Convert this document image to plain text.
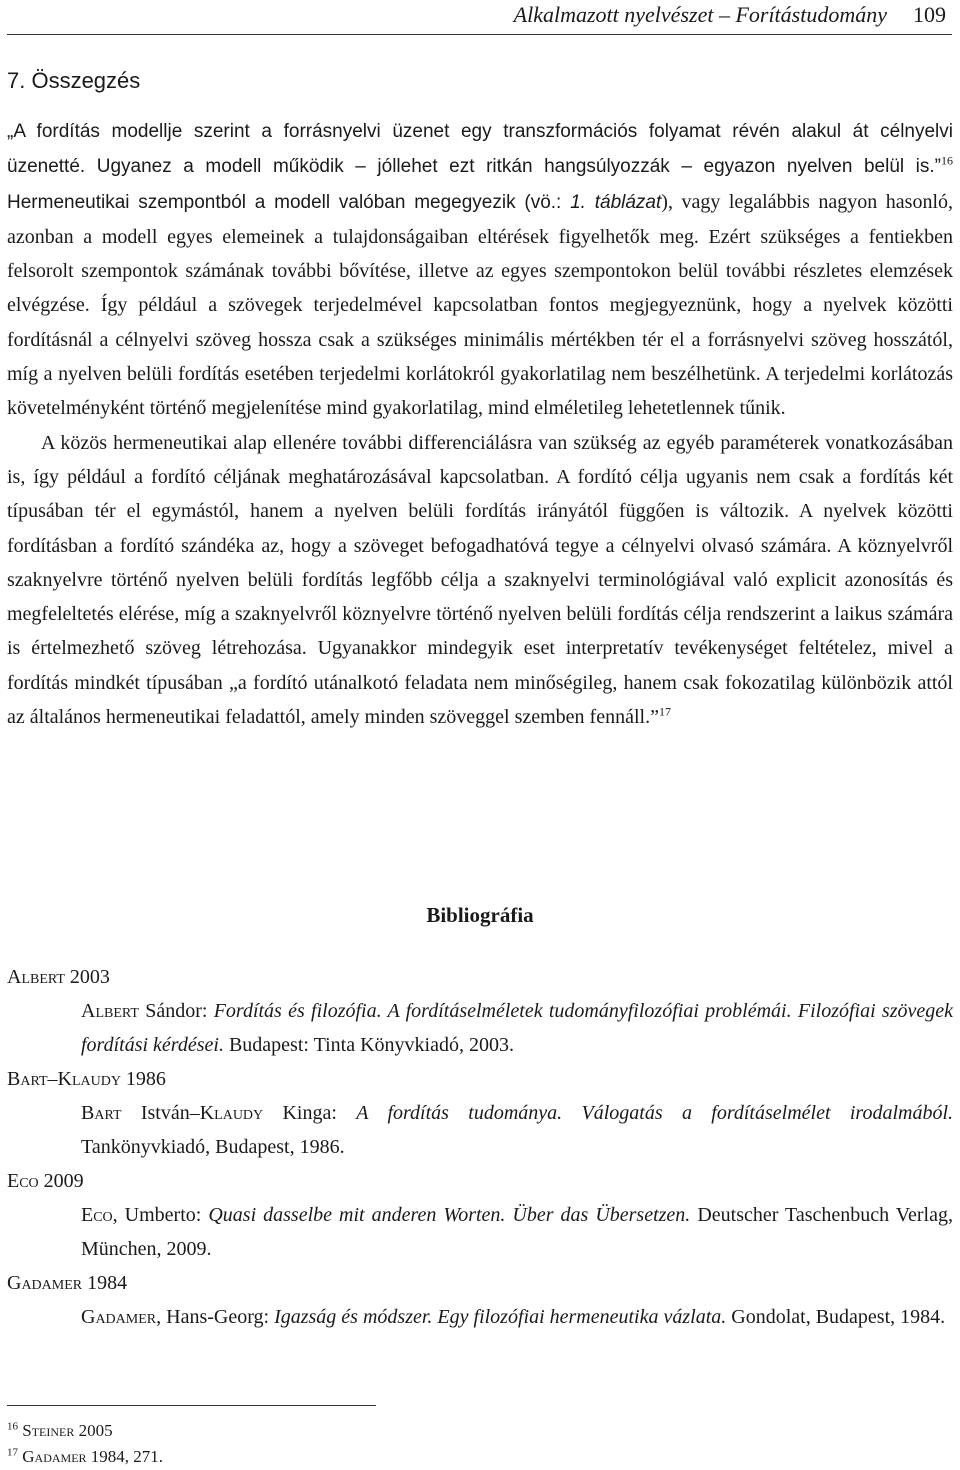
Alkalmazott nyelvészet – Forítástudomány 109
7. Összegzés

„A fordítás modellje szerint a forrásnyelvi üzenet egy transzformációs folyamat révén alakul át célnyelvi üzenetté. Ugyanez a modell működik – jóllehet ezt ritkán hangsúlyozzák – egyazon nyelven belül is.”$^{16}$ Hermeneutikai szempontból a modell valóban megegyezik (vö.: 1. táblázat), vagy legalábbis nagyon hasonló, azonban a modell egyes elemeinek a tulajdonságaiban eltérések figyelhetők meg. Ezért szükséges a fentiekben felsorolt szempontok számának további bővítése, illetve az egyes szempontokon belül további részletes elemzések elvégzése. Így például a szövegek terjedelmével kapcsolatban fontos megjegyeznünk, hogy a nyelvek közötti fordításnál a célnyelvi szöveg hossza csak a szükséges minimális mértékben tér el a forrásnyelvi szöveg hosszától, míg a nyelven belüli fordítás esetében terjedelmi korlátokról gyakorlatilag nem beszélhetünk. A terjedelmi korlátozás követelményként történő megjelenítése mind gyakorlatilag, mind elméletileg lehetetlennek tűnik.

A közös hermeneutikai alap ellenére további differenciálásra van szükség az egyéb paraméterek vonatkozásában is, így például a fordító céljának meghatározásával kapcsolatban. A fordító célja ugyanis nem csak a fordítás két típusában tér el egymástól, hanem a nyelven belüli fordítás irányától függően is változik. A nyelvek közötti fordításban a fordító szándéka az, hogy a szöveget befogadhatóvá tegye a célnyelvi olvasó számára. A köznyelvről szaknyelvre történő nyelven belüli fordítás legfőbb célja a szaknyelvi terminológiával való explicit azonosítás és megfeleltetés elérése, míg a szaknyelvről köznyelvre történő nyelven belüli fordítás célja rendszerint a laikus számára is értelmezhető szöveg létrehozása. Ugyanakkor mindegyik eset interpretatív tevékenységet feltételez, mivel a fordítás mindkét típusában „a fordító utánalkotó feladata nem minőségileg, hanem csak fokozatilag különbözik attól az általános hermeneutikai feladattól, amely minden szöveggel szemben fennáll.”$^{17}$

Bibliográfia

Albert 2003

Albert Sándor: Fordítás és filozófia. A fordításelméletek tudományfilozófiai problémái. Filozófiai szövegek fordítási kérdései. Budapest: Tinta Könyvkiadó, 2003.

Bart–Klaudy 1986

Bart István–Klaudy Kinga: A fordítás tudománya. Válogatás a fordításelmélet irodalmából. Tankönyvkiadó, Budapest, 1986.

Eco 2009

Eco, Umberto: Quasi dasselbe mit anderen Worten. Über das Übersetzen. Deutscher Taschenbuch Verlag, München, 2009.

Gadamer 1984

Gadamer, Hans-Georg: Igazság és módszer. Egy filozófiai hermeneutika vázlata. Gondolat, Budapest, 1984.

$^{16}$ Steiner 2005
$^{17}$ Gadamer 1984, 271.
